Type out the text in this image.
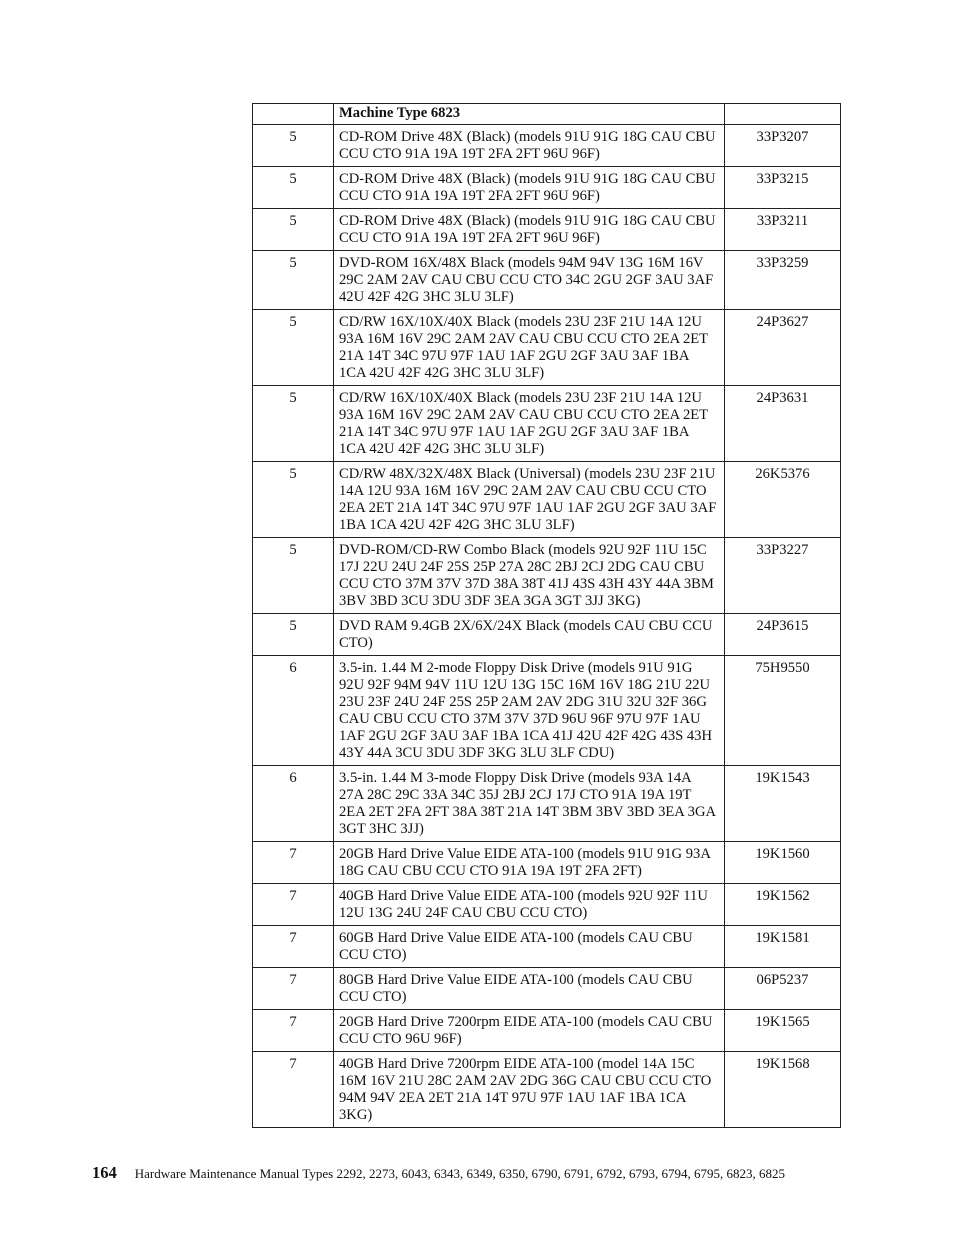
	Machine Type 6823	
5	CD-ROM Drive 48X (Black) (models 91U 91G 18G CAU CBU CCU CTO 91A 19A 19T 2FA 2FT 96U 96F)	33P3207
5	CD-ROM Drive 48X (Black) (models 91U 91G 18G CAU CBU CCU CTO 91A 19A 19T 2FA 2FT 96U 96F)	33P3215
5	CD-ROM Drive 48X (Black) (models 91U 91G 18G CAU CBU CCU CTO 91A 19A 19T 2FA 2FT 96U 96F)	33P3211
5	DVD-ROM 16X/48X Black (models 94M 94V 13G 16M 16V 29C 2AM 2AV CAU CBU CCU CTO 34C 2GU 2GF 3AU 3AF 42U 42F 42G 3HC 3LU 3LF)	33P3259
5	CD/RW 16X/10X/40X Black (models 23U 23F 21U 14A 12U 93A 16M 16V 29C 2AM 2AV CAU CBU CCU CTO 2EA 2ET 21A 14T 34C 97U 97F 1AU 1AF 2GU 2GF 3AU 3AF 1BA 1CA 42U 42F 42G 3HC 3LU 3LF)	24P3627
5	CD/RW 16X/10X/40X Black (models 23U 23F 21U 14A 12U 93A 16M 16V 29C 2AM 2AV CAU CBU CCU CTO 2EA 2ET 21A 14T 34C 97U 97F 1AU 1AF 2GU 2GF 3AU 3AF 1BA 1CA 42U 42F 42G 3HC 3LU 3LF)	24P3631
5	CD/RW 48X/32X/48X Black (Universal) (models 23U 23F 21U 14A 12U 93A 16M 16V 29C 2AM 2AV CAU CBU CCU CTO 2EA 2ET 21A 14T 34C 97U 97F 1AU 1AF 2GU 2GF 3AU 3AF 1BA 1CA 42U 42F 42G 3HC 3LU 3LF)	26K5376
5	DVD-ROM/CD-RW Combo Black (models 92U 92F 11U 15C 17J 22U 24U 24F 25S 25P 27A 28C 2BJ 2CJ 2DG CAU CBU CCU CTO 37M 37V 37D 38A 38T 41J 43S 43H 43Y 44A 3BM 3BV 3BD 3CU 3DU 3DF 3EA 3GA 3GT 3JJ 3KG)	33P3227
5	DVD RAM 9.4GB 2X/6X/24X Black (models CAU CBU CCU CTO)	24P3615
6	3.5-in. 1.44 M 2-mode Floppy Disk Drive (models 91U 91G 92U 92F 94M 94V 11U 12U 13G 15C 16M 16V 18G 21U 22U 23U 23F 24U 24F 25S 25P 2AM 2AV 2DG 31U 32U 32F 36G CAU CBU CCU CTO 37M 37V 37D 96U 96F 97U 97F 1AU 1AF 2GU 2GF 3AU 3AF 1BA 1CA 41J 42U 42F 42G 43S 43H 43Y 44A 3CU 3DU 3DF 3KG 3LU 3LF CDU)	75H9550
6	3.5-in. 1.44 M 3-mode Floppy Disk Drive (models 93A 14A 27A 28C 29C 33A 34C 35J 2BJ 2CJ 17J CTO 91A 19A 19T 2EA 2ET 2FA 2FT 38A 38T 21A 14T 3BM 3BV 3BD 3EA 3GA 3GT 3HC 3JJ)	19K1543
7	20GB Hard Drive Value EIDE ATA-100 (models 91U 91G 93A 18G CAU CBU CCU CTO 91A 19A 19T 2FA 2FT)	19K1560
7	40GB Hard Drive Value EIDE ATA-100 (models 92U 92F 11U 12U 13G 24U 24F CAU CBU CCU CTO)	19K1562
7	60GB Hard Drive Value EIDE ATA-100 (models CAU CBU CCU CTO)	19K1581
7	80GB Hard Drive Value EIDE ATA-100 (models CAU CBU CCU CTO)	06P5237
7	20GB Hard Drive 7200rpm EIDE ATA-100 (models CAU CBU CCU CTO 96U 96F)	19K1565
7	40GB Hard Drive 7200rpm EIDE ATA-100 (model 14A 15C 16M 16V 21U 28C 2AM 2AV 2DG 36G CAU CBU CCU CTO 94M 94V 2EA 2ET 21A 14T 97U 97F 1AU 1AF 1BA 1CA 3KG)	19K1568
164 Hardware Maintenance Manual Types 2292, 2273, 6043, 6343, 6349, 6350, 6790, 6791, 6792, 6793, 6794, 6795, 6823, 6825
